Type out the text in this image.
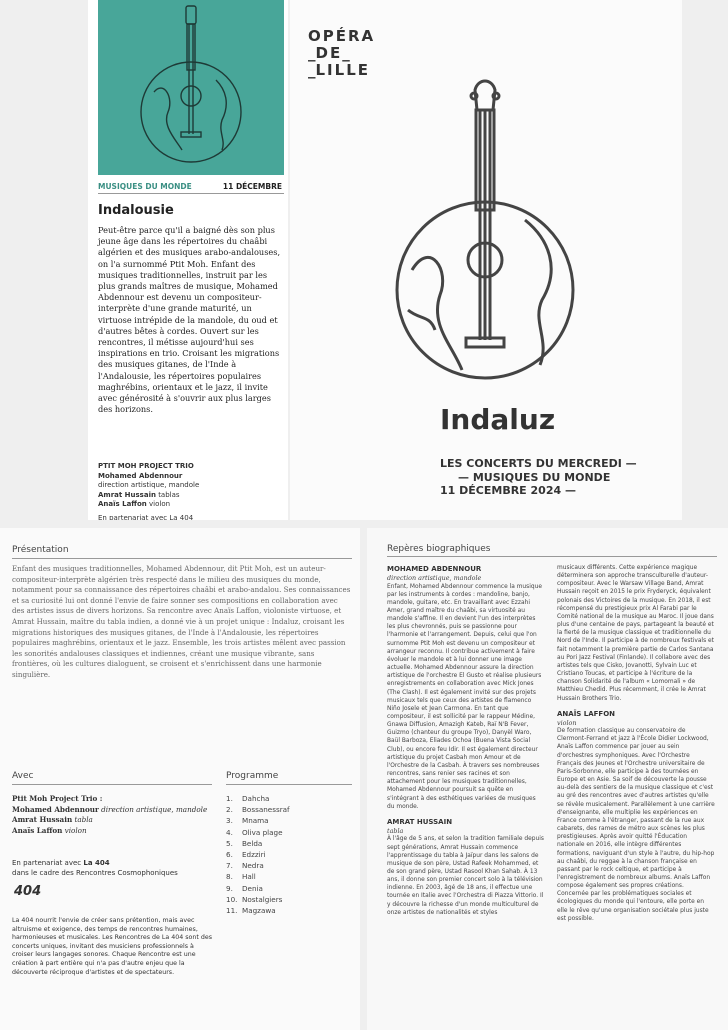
MUSIQUES DU MONDE	11 DÉCEMBRE
Indalousie
Peut-être parce qu'il a baigné dès son plus jeune âge dans les répertoires du chaâbi algérien et des musiques arabo-andalouses, on l'a surnommé Ptit Moh. Enfant des musiques traditionnelles, instruit par les plus grands maîtres de musique, Mohamed Abdennour est devenu un compositeur-interprète d'une grande maturité, un virtuose intrépide de la mandole, du oud et d'autres bêtes à cordes. Ouvert sur les rencontres, il métisse aujourd'hui ses inspirations en trio. Croisant les migrations des musiques gitanes, de l'Inde à l'Andalousie, les répertoires populaires maghrébins, orientaux et le jazz, il invite avec générosité à s'ouvrir aux plus larges des horizons.
PTIT MOH PROJECT TRIO
Mohamed Abdennour
direction artistique, mandole
Amrat Hussain tablas
Anaïs Laffon violon
En partenariat avec La 404
OPÉRA
_DE_
_LILLE
Indaluz
LES CONCERTS DU MERCREDI —
— MUSIQUES DU MONDE
11 DÉCEMBRE 2024 —
Présentation
Enfant des musiques traditionnelles, Mohamed Abdennour, dit Ptit Moh, est un auteur-compositeur-interprète algérien très respecté dans le milieu des musiques du monde, notamment pour sa connaissance des répertoires chaâbi et arabo-andalou. Ses connaissances et sa curiosité lui ont donné l'envie de faire sonner ses compositions en collaboration avec des artistes issus de divers horizons. Sa rencontre avec Anaïs Laffon, violoniste virtuose, et Amrat Hussain, maître du tabla indien, a donné vie à un projet unique : Indaluz, croisant les migrations historiques des musiques gitanes, de l'Inde à l'Andalousie, les répertoires populaires maghrébins, orientaux et le jazz. Ensemble, les trois artistes mêlent avec passion les sonorités andalouses classiques et indiennes, créant une musique vibrante, sans frontières, où les cultures dialoguent, se croisent et s'enrichissent dans une harmonie singulière.
Avec
Ptit Moh Project Trio :
Mohamed Abdennour direction artistique, mandole
Amrat Hussain tabla
Anaïs Laffon violon
En partenariat avec La 404
dans le cadre des Rencontres Cosmophoniques
404
La 404 nourrit l'envie de créer sans prétention, mais avec altruisme et exigence, des temps de rencontres humaines, harmonieuses et musicales. Les Rencontres de La 404 sont des concerts uniques, invitant des musiciens professionnels à croiser leurs langages sonores. Chaque Rencontre est une création à part entière qui n'a pas d'autre enjeu que la découverte réciproque d'artistes et de spectateurs.
Programme
1. Dahcha
2. Bossanessraf
3. Mnama
4. Oliva plage
5. Belda
6. Edzziri
7. Nedra
8. Hall
9. Denia
10. Nostalgiers
11. Magzawa
Repères biographiques
MOHAMED ABDENNOUR
direction artistique, mandole

Enfant, Mohamed Abdennour commence la musique par les instruments à cordes : mandoline, banjo, mandole, guitare, etc. En travaillant avec Ezzahi Amer, grand maître du chaâbi, sa virtuosité au mandole s'affine. Il en devient l'un des interprètes les plus chevronnés, puis se passionne pour l'harmonie et l'arrangement. Depuis, celui que l'on surnomme Ptit Moh est devenu un compositeur et arrangeur reconnu. Il contribue activement à faire évoluer le mandole et à lui donner une image actuelle. Mohamed Abdennour assure la direction artistique de l'orchestre El Gusto et réalise plusieurs enregistrements en collaboration avec Mick Jones (The Clash). Il est également invité sur des projets musicaux tels que ceux des artistes de flamenco Niño Josele et Jean Carmona. En tant que compositeur, il est sollicité par le rappeur Médine, Gnawa Diffusion, Amazigh Kateb, Raï N'B Fever, Guizmo (chanteur du groupe Tryo), Danyèl Waro, Baül Barboza, Eliades Ochoa (Buena Vista Social Club), ou encore feu Idir. Il est également directeur artistique du projet Casbah mon Amour et de l'Orchestre de la Casbah. À travers ses nombreuses rencontres, sans renier ses racines et son attachement pour les musiques traditionnelles, Mohamed Abdennour poursuit sa quête en s'intégrant à des esthétiques variées de musiques du monde.

AMRAT HUSSAIN
tabla

À l'âge de 5 ans, et selon la tradition familiale depuis sept générations, Amrat Hussain commence l'apprentissage du tabla à Jaïpur dans les salons de musique de son père, Ustad Rafeek Mohammed, et de son grand père, Ustad Rasool Khan Sahab. À 13 ans, il donne son premier concert solo à la télévision indienne. En 2003, âgé de 18 ans, il effectue une tournée en Italie avec l'Orchestra di Piazza Vittorio. Il y découvre la richesse d'un monde multiculturel de onze artistes de nationalités et styles

musicaux différents. Cette expérience magique déterminera son approche transculturelle d'auteur-compositeur. Avec le Warsaw Village Band, Amrat Hussain reçoit en 2015 le prix Fryderyck, équivalent polonais des Victoires de la musique. En 2018, il est récompensé du prestigieux prix Al Farabi par le Comité national de la musique au Maroc. Il joue dans plus d'une centaine de pays, partageant la beauté et la fierté de la musique classique et traditionnelle du Nord de l'Inde. Il participe à de nombreux festivals et fait notamment la première partie de Carlos Santana au Pori Jazz Festival (Finlande). Il collabore avec des artistes tels que Cisko, Jovanotti, Sylvain Luc et Cristiano Toucas, et participe à l'écriture de la chanson Solidarité de l'album « Lomomali » de Matthieu Chedid. Plus récemment, il crée le Amrat Hussain Brothers Trio.

ANAÏS LAFFON
violon

De formation classique au conservatoire de Clermont-Ferrand et jazz à l'École Didier Lockwood, Anaïs Laffon commence par jouer au sein d'orchestres symphoniques. Avec l'Orchestre Français des Jeunes et l'Orchestre universitaire de Paris-Sorbonne, elle participe à des tournées en Europe et en Asie. Sa soif de découverte la pousse au-delà des sentiers de la musique classique et c'est au gré des rencontres avec d'autres artistes qu'elle se révèle musicalement. Parallèlement à une carrière d'enseignante, elle multiplie les expériences en France comme à l'étranger, passant de la rue aux cabarets, des rames de métro aux scènes les plus prestigieuses. Après avoir quitté l'Éducation nationale en 2016, elle intègre différentes formations, naviguant d'un style à l'autre, du hip-hop au chaâbi, du reggae à la chanson française en passant par le rock celtique, et participe à l'enregistrement de nombreux albums. Anaïs Laffon compose également ses propres créations. Concernée par les problématiques sociales et écologiques du monde qui l'entoure, elle porte en elle le rêve qu'une organisation sociétale plus juste est possible.
